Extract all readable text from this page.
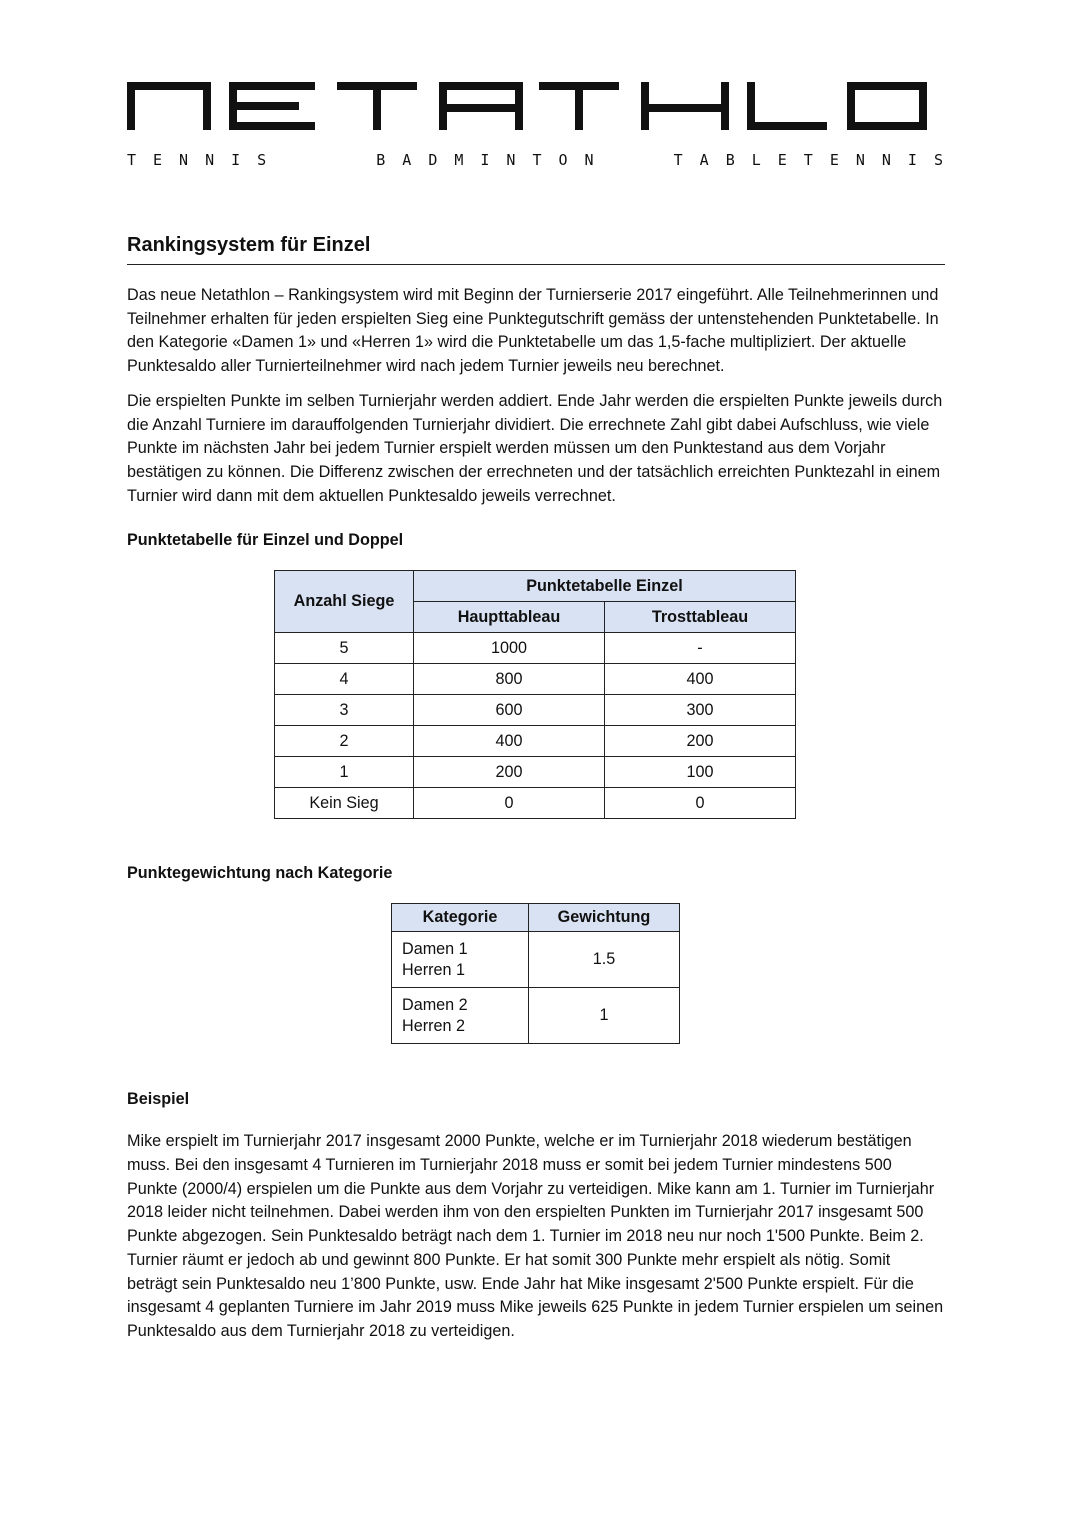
TENNIS	BADMINTON	TABLETENNIS
Rankingsystem für Einzel

Das neue Netathlon – Rankingsystem wird mit Beginn der Turnierserie 2017 eingeführt. Alle Teilnehmerinnen und Teilnehmer erhalten für jeden erspielten Sieg eine Punktegutschrift gemäss der untenstehenden Punktetabelle. In den Kategorie «Damen 1» und «Herren 1» wird die Punktetabelle um das 1,5-fache multipliziert. Der aktuelle Punktesaldo aller Turnierteilnehmer wird nach jedem Turnier jeweils neu berechnet.

Die erspielten Punkte im selben Turnierjahr werden addiert. Ende Jahr werden die erspielten Punkte jeweils durch die Anzahl Turniere im darauffolgenden Turnierjahr dividiert. Die errechnete Zahl gibt dabei Aufschluss, wie viele Punkte im nächsten Jahr bei jedem Turnier erspielt werden müssen um den Punktestand aus dem Vorjahr bestätigen zu können. Die Differenz zwischen der errechneten und der tatsächlich erreichten Punktezahl in einem Turnier wird dann mit dem aktuellen Punktesaldo jeweils verrechnet.

Punktetabelle für Einzel und Doppel
Anzahl Siege	Punktetabelle Einzel	
	Haupttableau	Trosttableau
5	1000	-
4	800	400
3	600	300
2	400	200
1	200	100
Kein Sieg	0	0
Punktegewichtung nach Kategorie
Kategorie	Gewichtung

Damen 1
Herren 1	1.5

Damen 2
Herren 2	1
Beispiel

Mike erspielt im Turnierjahr 2017 insgesamt 2000 Punkte, welche er im Turnierjahr 2018 wiederum bestätigen muss. Bei den insgesamt 4 Turnieren im Turnierjahr 2018 muss er somit bei jedem Turnier mindestens 500 Punkte (2000/4) erspielen um die Punkte aus dem Vorjahr zu verteidigen. Mike kann am 1. Turnier im Turnierjahr 2018 leider nicht teilnehmen. Dabei werden ihm von den erspielten Punkten im Turnierjahr 2017 insgesamt 500 Punkte abgezogen. Sein Punktesaldo beträgt nach dem 1. Turnier im 2018 neu nur noch 1'500 Punkte. Beim 2. Turnier räumt er jedoch ab und gewinnt 800 Punkte. Er hat somit 300 Punkte mehr erspielt als nötig. Somit beträgt sein Punktesaldo neu 1’800 Punkte, usw. Ende Jahr hat Mike insgesamt 2'500 Punkte erspielt. Für die insgesamt 4 geplanten Turniere im Jahr 2019 muss Mike jeweils 625 Punkte in jedem Turnier erspielen um seinen Punktesaldo aus dem Turnierjahr 2018 zu verteidigen.
